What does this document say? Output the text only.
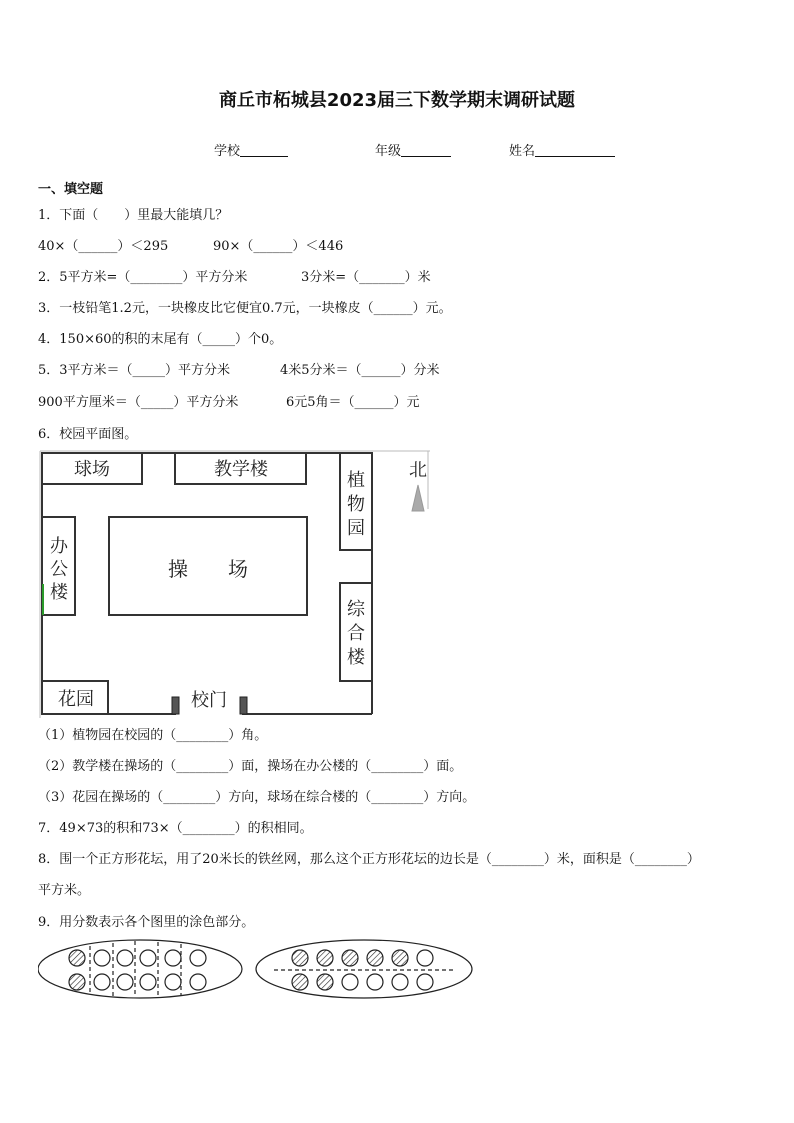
商丘市柘城县2023届三下数学期末调研试题
学校	年级	姓名
一、填空题
1．下面（　　）里最大能填几？
40×（______）＜295	90×（______）＜446
2．5平方米=（________）平方分米	3分米=（_______）米
3．一枝铅笔1.2元，一块橡皮比它便宜0.7元，一块橡皮（______）元。
4．150×60的积的末尾有（_____）个0。
5．3平方米＝（_____）平方分米	4米5分米＝（______）分米
900平方厘米＝（_____）平方分米	6元5角＝（______）元
6．校园平面图。
球场	教学楼
植
物
园
北
办
公
楼
操　　场
综
合
楼
花园	校门
（1）植物园在校园的（________）角。
（2）教学楼在操场的（________）面，操场在办公楼的（________）面。
（3）花园在操场的（________）方向，球场在综合楼的（________）方向。
7．49×73的积和73×（________）的积相同。
8．围一个正方形花坛，用了20米长的铁丝网，那么这个正方形花坛的边长是（________）米，面积是（________）
平方米。
9．用分数表示各个图里的涂色部分。
